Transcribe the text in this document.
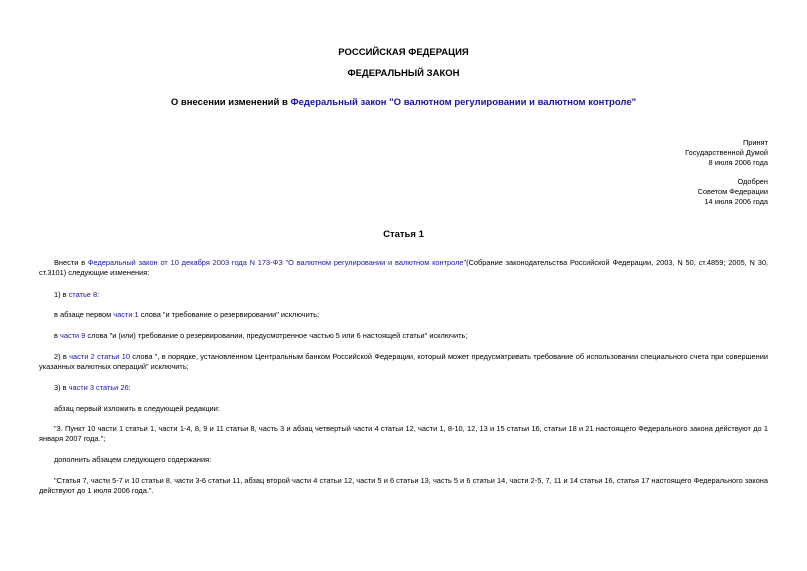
РОССИЙСКАЯ ФЕДЕРАЦИЯ
ФЕДЕРАЛЬНЫЙ ЗАКОН
О внесении изменений в Федеральный закон "О валютном регулировании и валютном контроле"
Принят
Государственной Думой
8 июля 2006 года
Одобрен
Советом Федерации
14 июля 2006 года
Статья 1
Внести в Федеральный закон от 10 декабря 2003 года N 173-ФЗ "О валютном регулировании и валютном контроле"(Собрание законодательства Российской Федерации, 2003, N 50, ст.4859; 2005, N 30, ст.3101) следующие изменения:
1) в статье 8:
в абзаце первом части 1 слова "и требование о резервировании" исключить;
в части 9 слова "и (или) требование о резервировании, предусмотренное частью 5 или 6 настоящей статьи" исключить;
2) в части 2 статьи 10 слова ", в порядке, установленном Центральным банком Российской Федерации, который может предусматривать требование об использовании специального счета при совершении указанных валютных операций" исключить;
3) в части 3 статьи 26:
абзац первый изложить в следующей редакции:
"3. Пункт 10 части 1 статьи 1, части 1-4, 8, 9 и 11 статьи 8, часть 3 и абзац четвертый части 4 статьи 12, части 1, 8-10, 12, 13 и 15 статьи 16, статьи 18 и 21 настоящего Федерального закона действуют до 1 января 2007 года.";
дополнить абзацем следующего содержания:
"Статья 7, части 5-7 и 10 статьи 8, части 3-6 статьи 11, абзац второй части 4 статьи 12, части 5 и 6 статьи 13, часть 5 и 6 статьи 14, части 2-5, 7, 11 и 14 статьи 16, статья 17 настоящего Федерального закона действуют до 1 июля 2006 года.".
